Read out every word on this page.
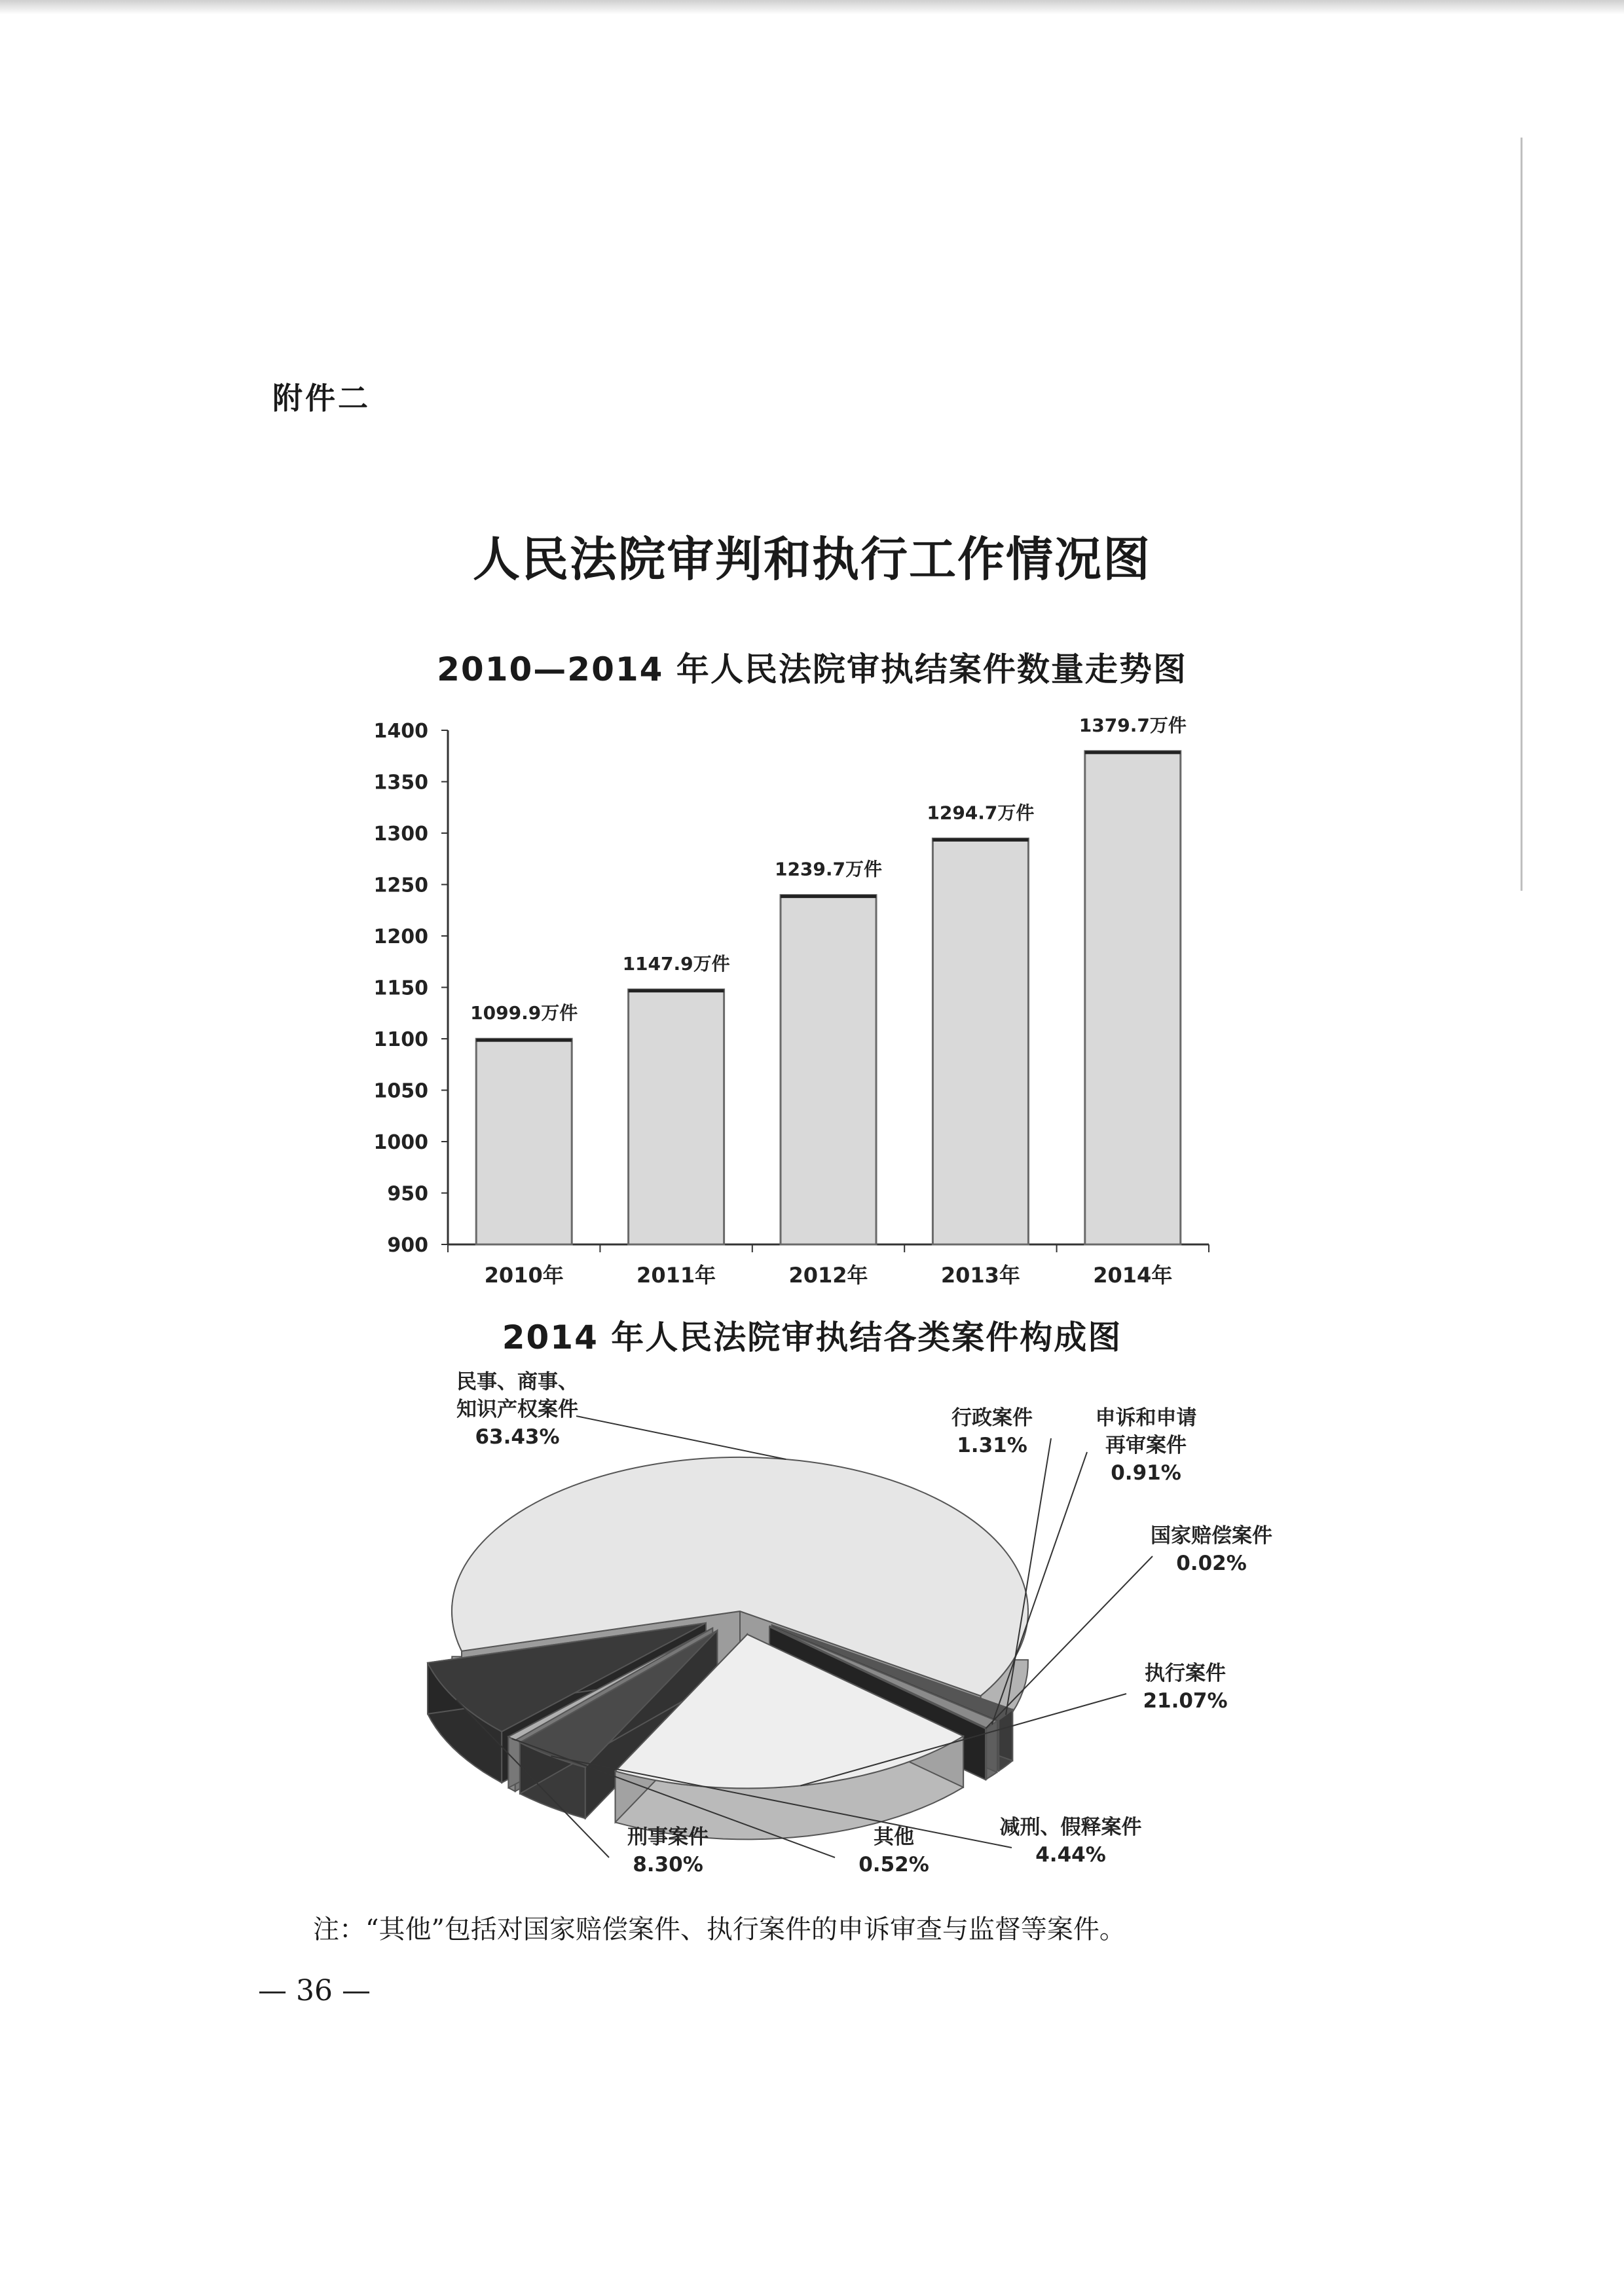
附件二
人民法院审判和执行工作情况图
2010—2014 年人民法院审执结案件数量走势图
900
950
1000
1050
1100
1150
1200
1250
1300
1350
1400
1099.9万件
2010年
1147.9万件
2011年
1239.7万件
2012年
1294.7万件
2013年
1379.7万件
2014年
2014 年人民法院审执结各类案件构成图
民事、商事、
知识产权案件
63.43%
行政案件
1.31%
申诉和申请
再审案件
0.91%
国家赔偿案件
0.02%
执行案件
21.07%
减刑、假释案件
4.44%
其他
0.52%
刑事案件
8.30%
注：“其他”包括对国家赔偿案件、执行案件的申诉审查与监督等案件。
— 36 —
